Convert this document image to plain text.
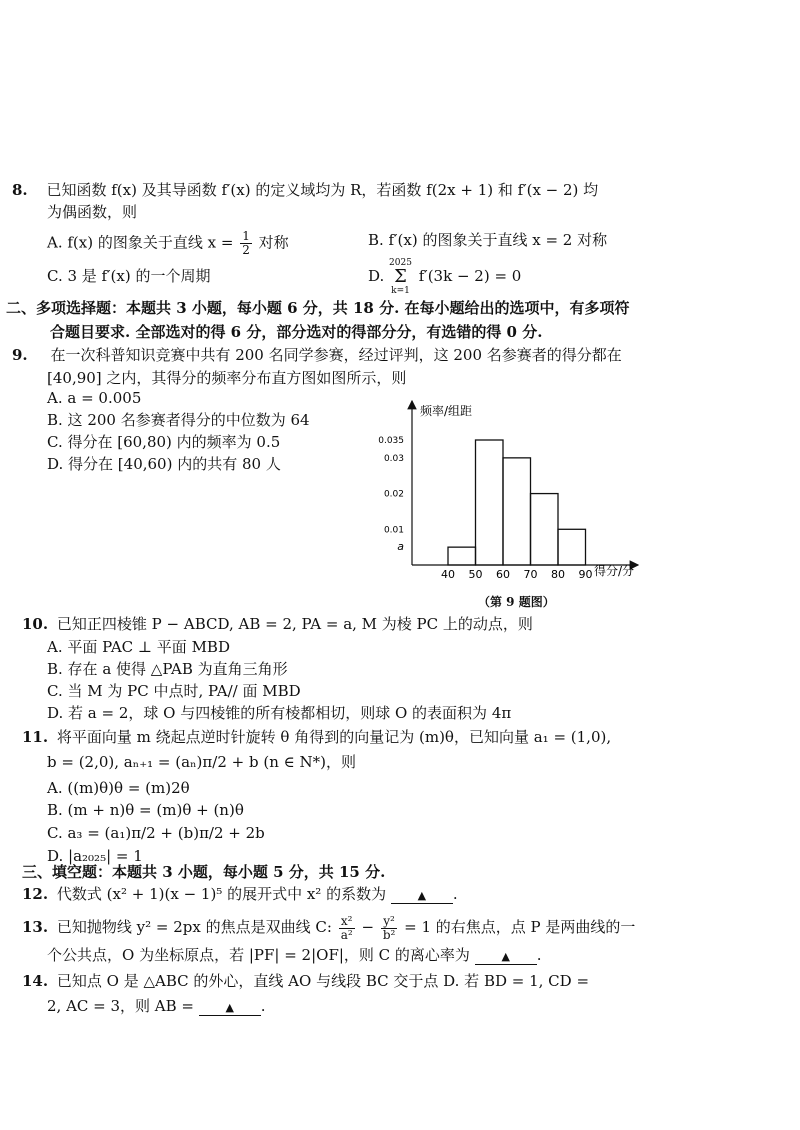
8. 已知函数 f(x) 及其导函数 f′(x) 的定义域均为 R，若函数 f(2x + 1) 和 f′(x − 2) 均
为偶函数，则
A. f(x) 的图象关于直线 $x = \frac{1}{2}$ 对称	B. f′(x) 的图象关于直线 x = 2 对称
C. 3 是 f′(x) 的一个周期	D. 2025
Σ
k=1 f′(3k − 2) = 0
二、多项选择题：本题共 3 小题，每小题 6 分，共 18 分. 在每小题给出的选项中，有多项符
合题目要求. 全部选对的得 6 分，部分选对的得部分分，有选错的得 0 分.
9. 在一次科普知识竞赛中共有 200 名同学参赛，经过评判，这 200 名参赛者的得分都在
[40,90] 之内，其得分的频率分布直方图如图所示，则
A. a = 0.005
B. 这 200 名参赛者得分的中位数为 64
C. 得分在 [60,80) 内的频率为 0.5
D. 得分在 [40,60) 内的共有 80 人
频率/组距
得分/分
a
0.01
0.02
0.03
0.035
40 50 60 70 80 90
（第 9 题图）
10. 已知正四棱锥 P − ABCD, AB = 2, PA = a, M 为棱 PC 上的动点，则
A. 平面 PAC ⊥ 平面 MBD
B. 存在 a 使得 △PAB 为直角三角形
C. 当 M 为 PC 中点时, PA// 面 MBD
D. 若 a = 2，球 O 与四棱锥的所有棱都相切，则球 O 的表面积为 4π
11. 将平面向量 m 绕起点逆时针旋转 θ 角得到的向量记为 (m)θ，已知向量 a₁ = (1,0),
b = (2,0), aₙ₊₁ = (aₙ)π/2 + b (n ∈ N*)，则
A. ((m)θ)θ = (m)2θ
B. (m + n)θ = (m)θ + (n)θ
C. a₃ = (a₁)π/2 + (b)π/2 + 2b
D. |a₂₀₂₅| = 1
三、填空题：本题共 3 小题，每小题 5 分，共 15 分.
12. 代数式 (x² + 1)(x − 1)⁵ 的展开式中 x² 的系数为	▲ .
13. 已知抛物线 y² = 2px 的焦点是双曲线 C: $\frac{\text{x²}}{\text{a²}} - \frac{\text{y²}}{\text{b²}} = 1$ 的右焦点，点 P 是两曲线的一
个公共点，O 为坐标原点，若 |PF| = 2|OF|，则 C 的离心率为	▲ .
14. 已知点 O 是 △ABC 的外心，直线 AO 与线段 BC 交于点 D. 若 BD = 1, CD =
2, AC = 3，则 AB =	▲ .
